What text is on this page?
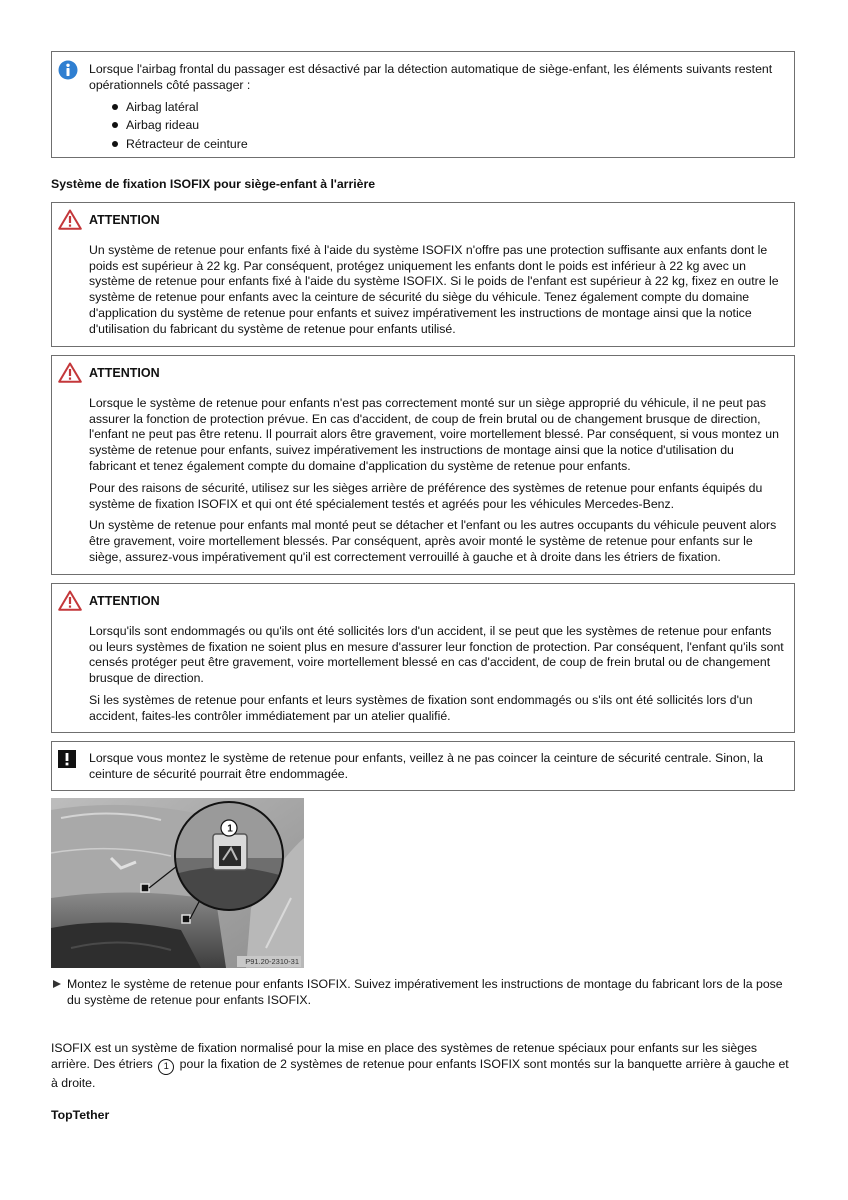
Lorsque l'airbag frontal du passager est désactivé par la détection automatique de siège-enfant, les éléments suivants restent opérationnels côté passager :

Airbag latéral
Airbag rideau
Rétracteur de ceinture
Système de fixation ISOFIX pour siège-enfant à l'arrière
ATTENTION

Un système de retenue pour enfants fixé à l'aide du système ISOFIX n'offre pas une protection suffisante aux enfants dont le poids est supérieur à 22 kg. Par conséquent, protégez uniquement les enfants dont le poids est inférieur à 22 kg avec un système de retenue pour enfants fixé à l'aide du système ISOFIX. Si le poids de l'enfant est supérieur à 22 kg, fixez en outre le système de retenue pour enfants avec la ceinture de sécurité du siège du véhicule. Tenez également compte du domaine d'application du système de retenue pour enfants et suivez impérativement les instructions de montage ainsi que la notice d'utilisation du fabricant du système de retenue pour enfants utilisé.

ATTENTION

Lorsque le système de retenue pour enfants n'est pas correctement monté sur un siège approprié du véhicule, il ne peut pas assurer la fonction de protection prévue. En cas d'accident, de coup de frein brutal ou de changement brusque de direction, l'enfant ne peut pas être retenu. Il pourrait alors être gravement, voire mortellement blessé. Par conséquent, si vous montez un système de retenue pour enfants, suivez impérativement les instructions de montage ainsi que la notice d'utilisation du fabricant et tenez également compte du domaine d'application du système de retenue pour enfants.

Pour des raisons de sécurité, utilisez sur les sièges arrière de préférence des systèmes de retenue pour enfants équipés du système de fixation ISOFIX et qui ont été spécialement testés et agréés pour les véhicules Mercedes-Benz.

Un système de retenue pour enfants mal monté peut se détacher et l'enfant ou les autres occupants du véhicule peuvent alors être gravement, voire mortellement blessés. Par conséquent, après avoir monté le système de retenue pour enfants sur le siège, assurez-vous impérativement qu'il est correctement verrouillé à gauche et à droite dans les étriers de fixation.

ATTENTION

Lorsqu'ils sont endommagés ou qu'ils ont été sollicités lors d'un accident, il se peut que les systèmes de retenue pour enfants ou leurs systèmes de fixation ne soient plus en mesure d'assurer leur fonction de protection. Par conséquent, l'enfant qu'ils sont censés protéger peut être gravement, voire mortellement blessé en cas d'accident, de coup de frein brutal ou de changement brusque de direction.

Si les systèmes de retenue pour enfants et leurs systèmes de fixation sont endommagés ou s'ils ont été sollicités lors d'un accident, faites-les contrôler immédiatement par un atelier qualifié.

Lorsque vous montez le système de retenue pour enfants, veillez à ne pas coincer la ceinture de sécurité centrale. Sinon, la ceinture de sécurité pourrait être endommagée.

1
P91.20-2310-31

Montez le système de retenue pour enfants ISOFIX. Suivez impérativement les instructions de montage du fabricant lors de la pose du système de retenue pour enfants ISOFIX.

ISOFIX est un système de fixation normalisé pour la mise en place des systèmes de retenue spéciaux pour enfants sur les sièges arrière. Des étriers 1 pour la fixation de 2 systèmes de retenue pour enfants ISOFIX sont montés sur la banquette arrière à gauche et à droite.

TopTether
